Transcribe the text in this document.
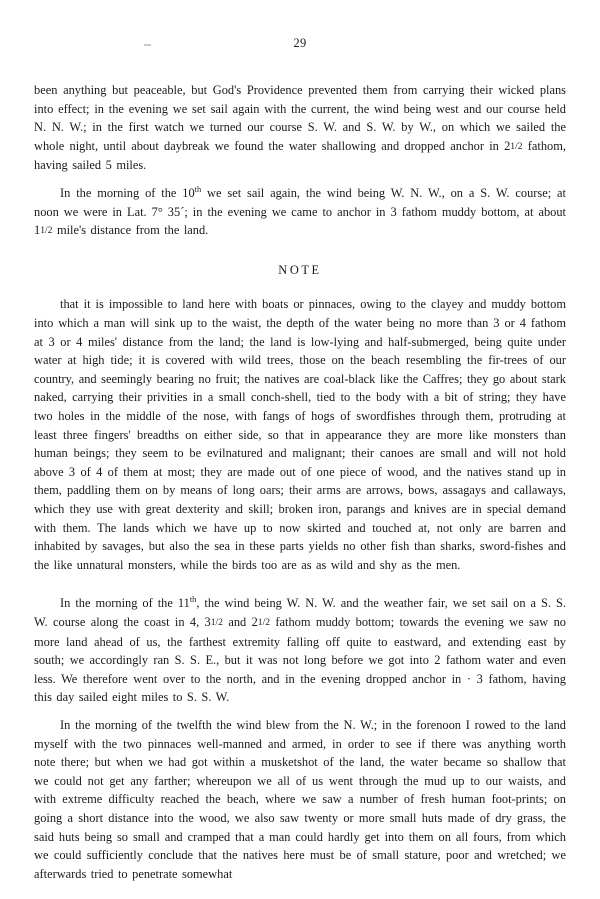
29

been anything but peaceable, but God's Providence prevented them from carrying their wicked plans into effect; in the evening we set sail again with the current, the wind being west and our course held N. N. W.; in the first watch we turned our course S. W. and S. W. by W., on which we sailed the whole night, until about daybreak we found the water shallowing and dropped anchor in 21/2 fathom, having sailed 5 miles.

In the morning of the 10th we set sail again, the wind being W. N. W., on a S. W. course; at noon we were in Lat. 7° 35´; in the evening we came to anchor in 3 fathom muddy bottom, at about 11/2 mile's distance from the land.

NOTE

that it is impossible to land here with boats or pinnaces, owing to the clayey and muddy bottom into which a man will sink up to the waist, the depth of the water being no more than 3 or 4 fathom at 3 or 4 miles' distance from the land; the land is low-lying and half-submerged, being quite under water at high tide; it is covered with wild trees, those on the beach resembling the fir-trees of our country, and seemingly bearing no fruit; the natives are coal-black like the Caffres; they go about stark naked, carrying their privities in a small conch-shell, tied to the body with a bit of string; they have two holes in the middle of the nose, with fangs of hogs of swordfishes through them, protruding at least three fingers' breadths on either side, so that in appearance they are more like monsters than human beings; they seem to be evilnatured and malignant; their canoes are small and will not hold above 3 of 4 of them at most; they are made out of one piece of wood, and the natives stand up in them, paddling them on by means of long oars; their arms are arrows, bows, assagays and callaways, which they use with great dexterity and skill; broken iron, parangs and knives are in special demand with them. The lands which we have up to now skirted and touched at, not only are barren and inhabited by savages, but also the sea in these parts yields no other fish than sharks, sword-fishes and the like unnatural monsters, while the birds too are as as wild and shy as the men.

In the morning of the 11th, the wind being W. N. W. and the weather fair, we set sail on a S. S. W. course along the coast in 4, 31/2 and 21/2 fathom muddy bottom; towards the evening we saw no more land ahead of us, the farthest extremity falling off quite to eastward, and extending east by south; we accordingly ran S. S. E., but it was not long before we got into 2 fathom water and even less. We therefore went over to the north, and in the evening dropped anchor in · 3 fathom, having this day sailed eight miles to S. S. W.

In the morning of the twelfth the wind blew from the N. W.; in the forenoon I rowed to the land myself with the two pinnaces well-manned and armed, in order to see if there was anything worth note there; but when we had got within a musketshot of the land, the water became so shallow that we could not get any farther; whereupon we all of us went through the mud up to our waists, and with extreme difficulty reached the beach, where we saw a number of fresh human foot-prints; on going a short distance into the wood, we also saw twenty or more small huts made of dry grass, the said huts being so small and cramped that a man could hardly get into them on all fours, from which we could sufficiently conclude that the natives here must be of small stature, poor and wretched; we afterwards tried to penetrate somewhat
